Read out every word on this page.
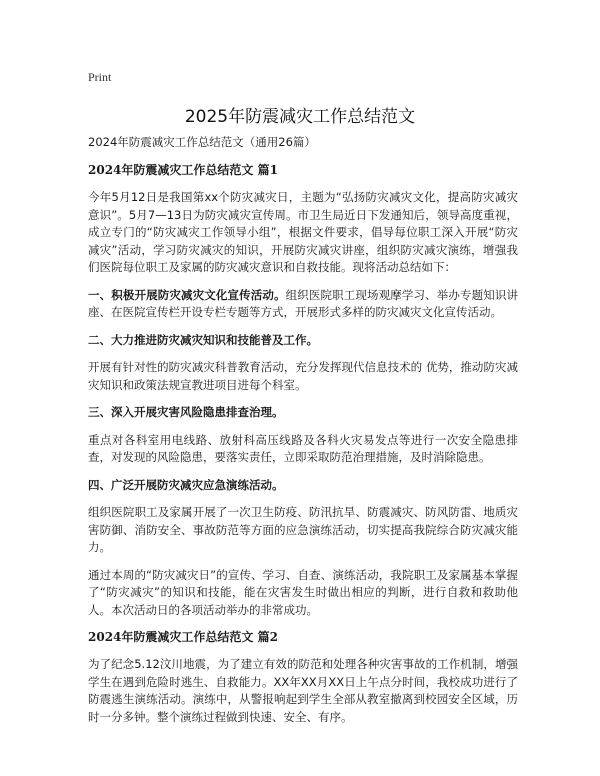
Print
2025年防震减灾工作总结范文

2024年防震减灾工作总结范文（通用26篇）

2024年防震减灾工作总结范文 篇1

今年5月12日是我国第xx个防灾减灾日，主题为“弘扬防灾减灾文化，提高防灾减灾意识”。5月7—13日为防灾减灾宣传周。市卫生局近日下发通知后，领导高度重视，成立专门的“防灾减灾工作领导小组”，根据文件要求，倡导每位职工深入开展“防灾减灾”活动，学习防灾减灾的知识，开展防灾减灾讲座，组织防灾减灾演练，增强我们医院每位职工及家属的防灾减灾意识和自救技能。现将活动总结如下：

一、积极开展防灾减灾文化宣传活动。组织医院职工现场观摩学习、举办专题知识讲座、在医院宣传栏开设专栏专题等方式，开展形式多样的防灾减灾文化宣传活动。

二、大力推进防灾减灾知识和技能普及工作。

开展有针对性的防灾减灾科普教育活动，充分发挥现代信息技术的 优势，推动防灾减灾知识和政策法规宣教进项目进每个科室。

三、深入开展灾害风险隐患排查治理。

重点对各科室用电线路、放射科高压线路及各科火灾易发点等进行一次安全隐患排查，对发现的风险隐患，要落实责任，立即采取防范治理措施，及时消除隐患。

四、广泛开展防灾减灾应急演练活动。

组织医院职工及家属开展了一次卫生防疫、防汛抗旱、防震减灾、防风防雷、地质灾害防御、消防安全、事故防范等方面的应急演练活动，切实提高我院综合防灾减灾能力。

通过本周的“防灾减灾日”的宣传、学习、自查、演练活动，我院职工及家属基本掌握了“防灾减灾”的知识和技能，能在灾害发生时做出相应的判断，进行自救和救助他人。本次活动日的各项活动举办的非常成功。

2024年防震减灾工作总结范文 篇2

为了纪念5.12汶川地震，为了建立有效的防范和处理各种灾害事故的工作机制，增强学生在遇到危险时逃生、自救能力。XX年XX月XX日上午点分时间，我校成功进行了防震逃生演练活动。演练中，从警报响起到学生全部从教室撤离到校园安全区域，历时一分多钟。整个演练过程做到快速、安全、有序。
